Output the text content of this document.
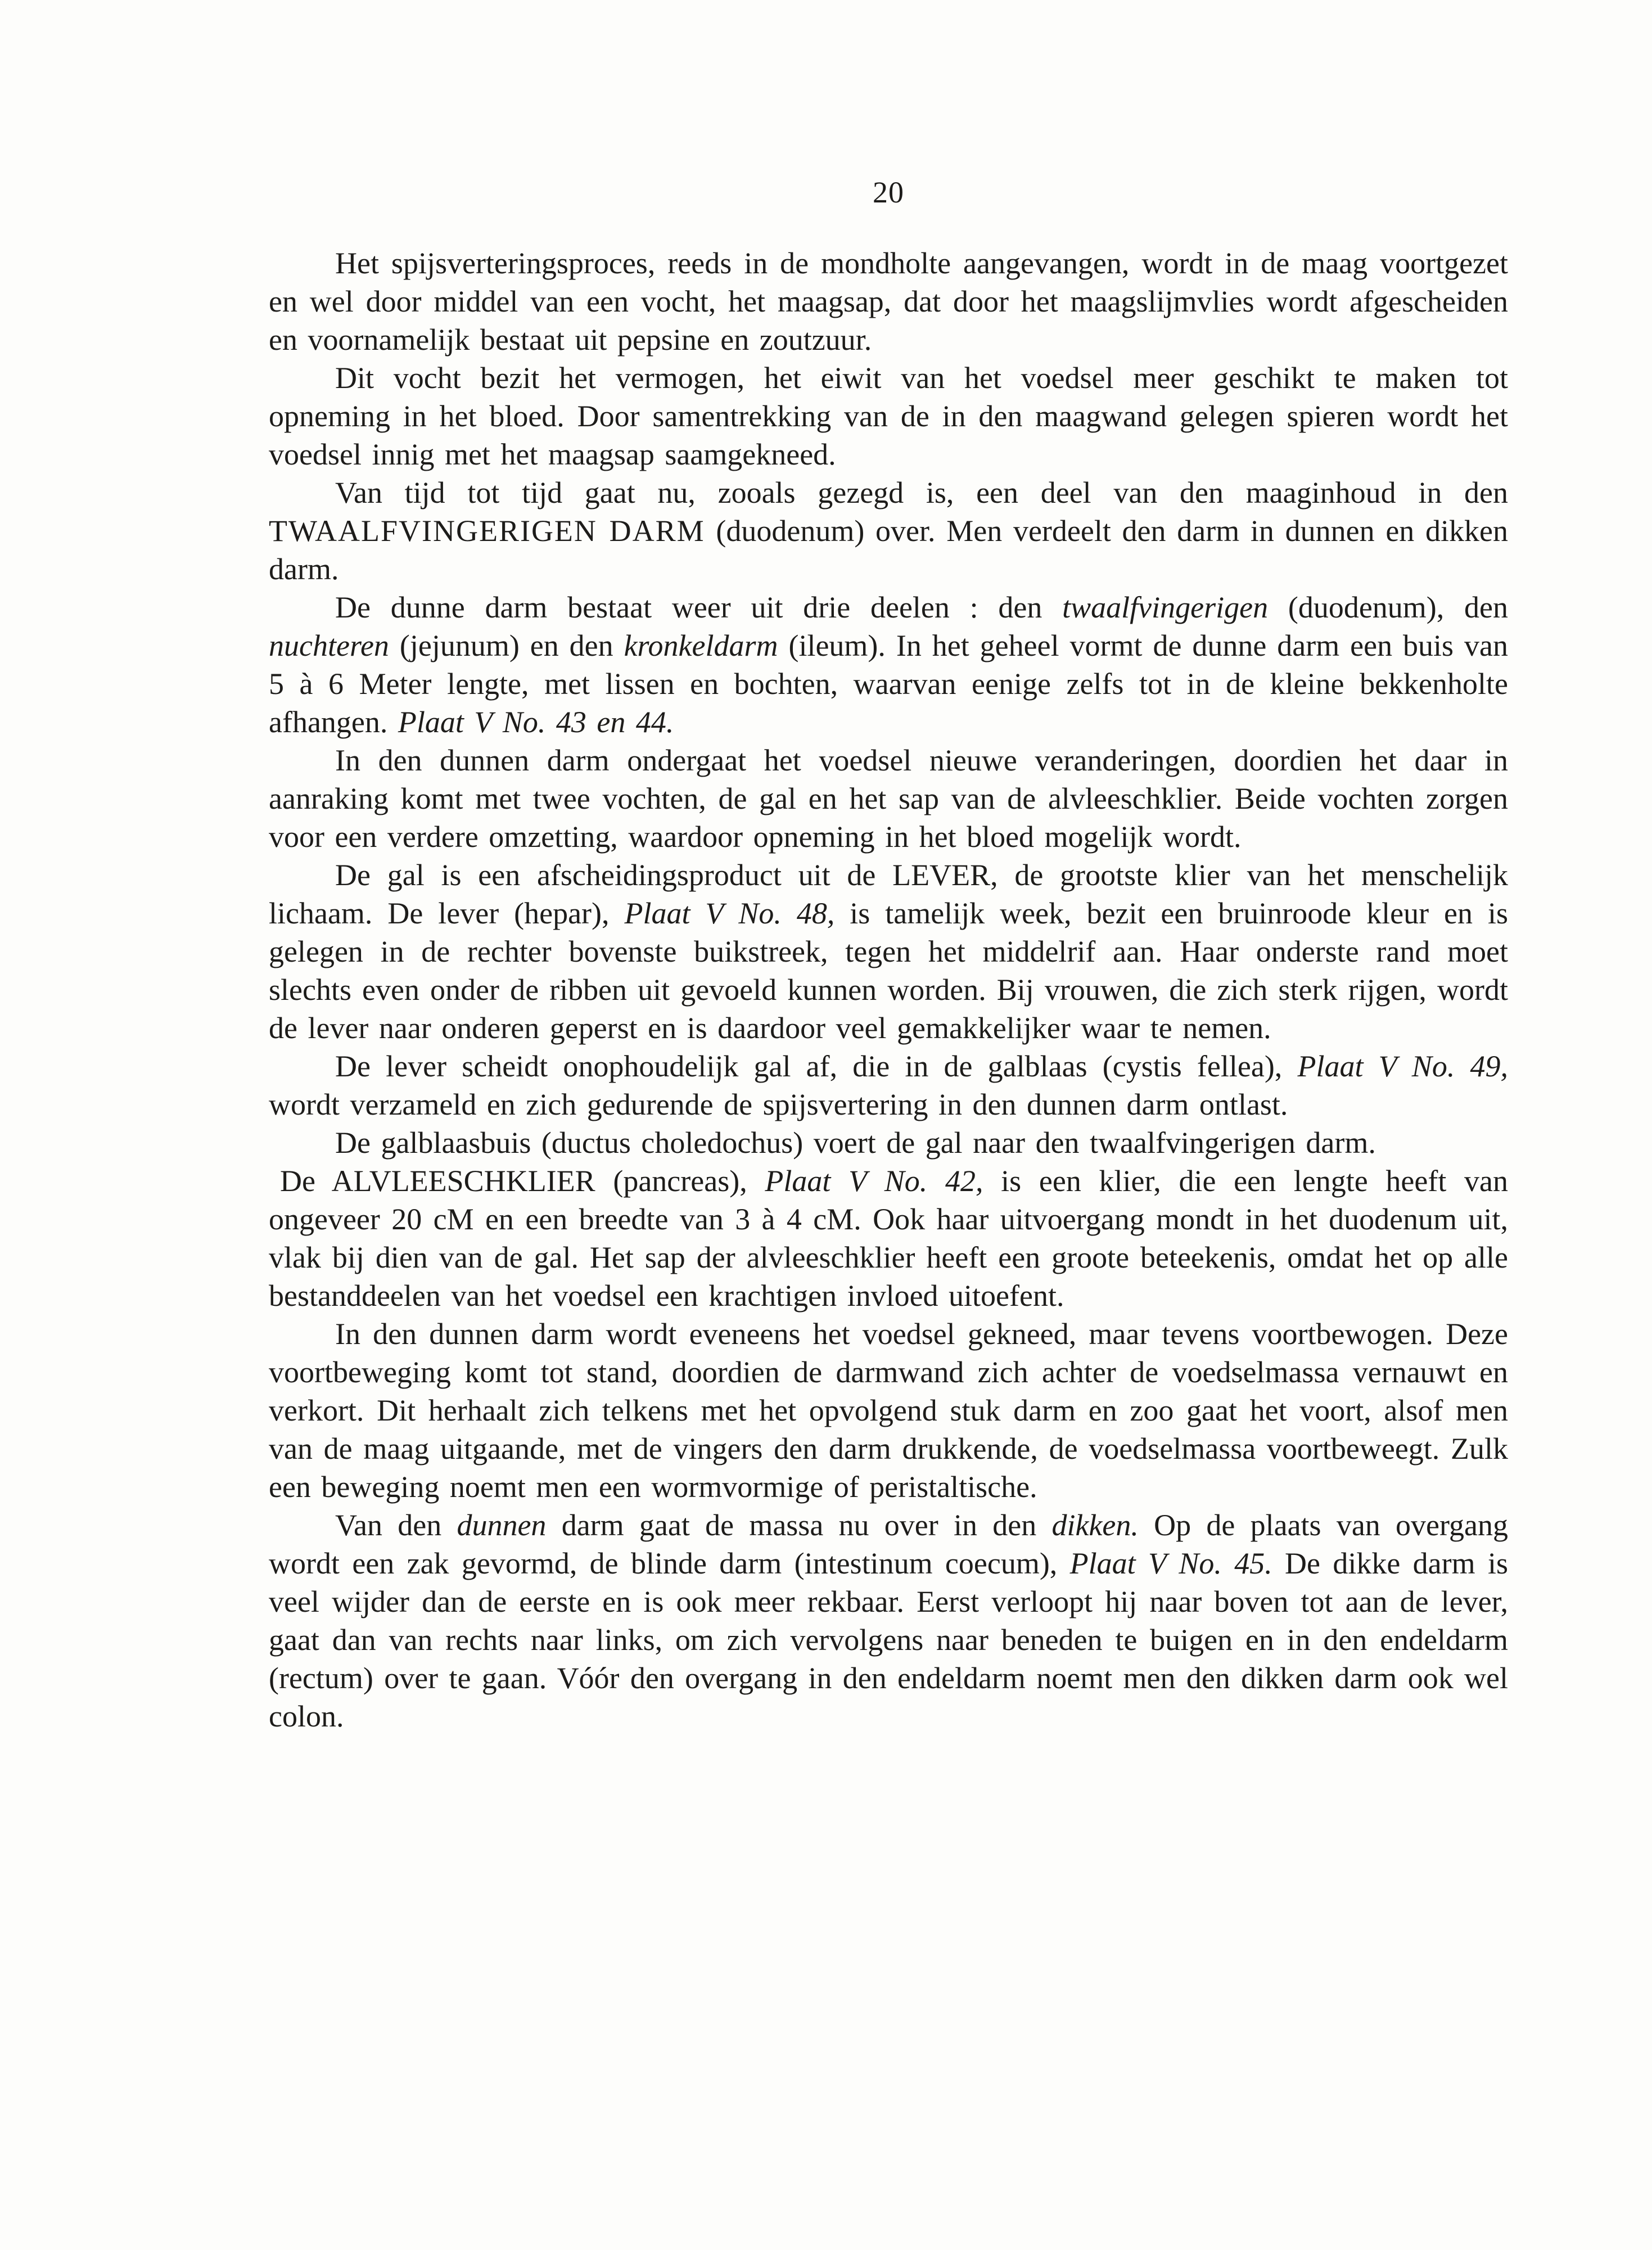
20

Het spijsverteringsproces, reeds in de mondholte aangevangen, wordt in de maag voortgezet en wel door middel van een vocht, het maagsap, dat door het maagslijmvlies wordt afgescheiden en voornamelijk bestaat uit pepsine en zoutzuur.

Dit vocht bezit het vermogen, het eiwit van het voedsel meer geschikt te maken tot opneming in het bloed. Door samentrekking van de in den maagwand gelegen spieren wordt het voedsel innig met het maagsap saamgekneed.

Van tijd tot tijd gaat nu, zooals gezegd is, een deel van den maaginhoud in den TWAALFVINGERIGEN DARM (duodenum) over. Men verdeelt den darm in dunnen en dikken darm.

De dunne darm bestaat weer uit drie deelen : den twaalfvingerigen (duodenum), den nuchteren (jejunum) en den kronkeldarm (ileum). In het geheel vormt de dunne darm een buis van 5 à 6 Meter lengte, met lissen en bochten, waarvan eenige zelfs tot in de kleine bekkenholte afhangen. Plaat V No. 43 en 44.

In den dunnen darm ondergaat het voedsel nieuwe veranderingen, doordien het daar in aanraking komt met twee vochten, de gal en het sap van de alvleeschklier. Beide vochten zorgen voor een verdere omzetting, waardoor opneming in het bloed mogelijk wordt.

De gal is een afscheidingsproduct uit de LEVER, de grootste klier van het menschelijk lichaam. De lever (hepar), Plaat V No. 48, is tamelijk week, bezit een bruinroode kleur en is gelegen in de rechter bovenste buikstreek, tegen het middelrif aan. Haar onderste rand moet slechts even onder de ribben uit gevoeld kunnen worden. Bij vrouwen, die zich sterk rijgen, wordt de lever naar onderen geperst en is daardoor veel gemakkelijker waar te nemen.

De lever scheidt onophoudelijk gal af, die in de galblaas (cystis fellea), Plaat V No. 49, wordt verzameld en zich gedurende de spijsvertering in den dunnen darm ontlast.

De galblaasbuis (ductus choledochus) voert de gal naar den twaalfvingerigen darm.

De ALVLEESCHKLIER (pancreas), Plaat V No. 42, is een klier, die een lengte heeft van ongeveer 20 cM en een breedte van 3 à 4 cM. Ook haar uitvoergang mondt in het duodenum uit, vlak bij dien van de gal. Het sap der alvleeschklier heeft een groote beteekenis, omdat het op alle bestanddeelen van het voedsel een krachtigen invloed uitoefent.

In den dunnen darm wordt eveneens het voedsel gekneed, maar tevens voortbewogen. Deze voortbeweging komt tot stand, doordien de darmwand zich achter de voedselmassa vernauwt en verkort. Dit herhaalt zich telkens met het opvolgend stuk darm en zoo gaat het voort, alsof men van de maag uitgaande, met de vingers den darm drukkende, de voedselmassa voortbeweegt. Zulk een beweging noemt men een wormvormige of peristaltische.

Van den dunnen darm gaat de massa nu over in den dikken. Op de plaats van overgang wordt een zak gevormd, de blinde darm (intestinum coecum), Plaat V No. 45. De dikke darm is veel wijder dan de eerste en is ook meer rekbaar. Eerst verloopt hij naar boven tot aan de lever, gaat dan van rechts naar links, om zich vervolgens naar beneden te buigen en in den endeldarm (rectum) over te gaan. Vóór den overgang in den endeldarm noemt men den dikken darm ook wel colon.
